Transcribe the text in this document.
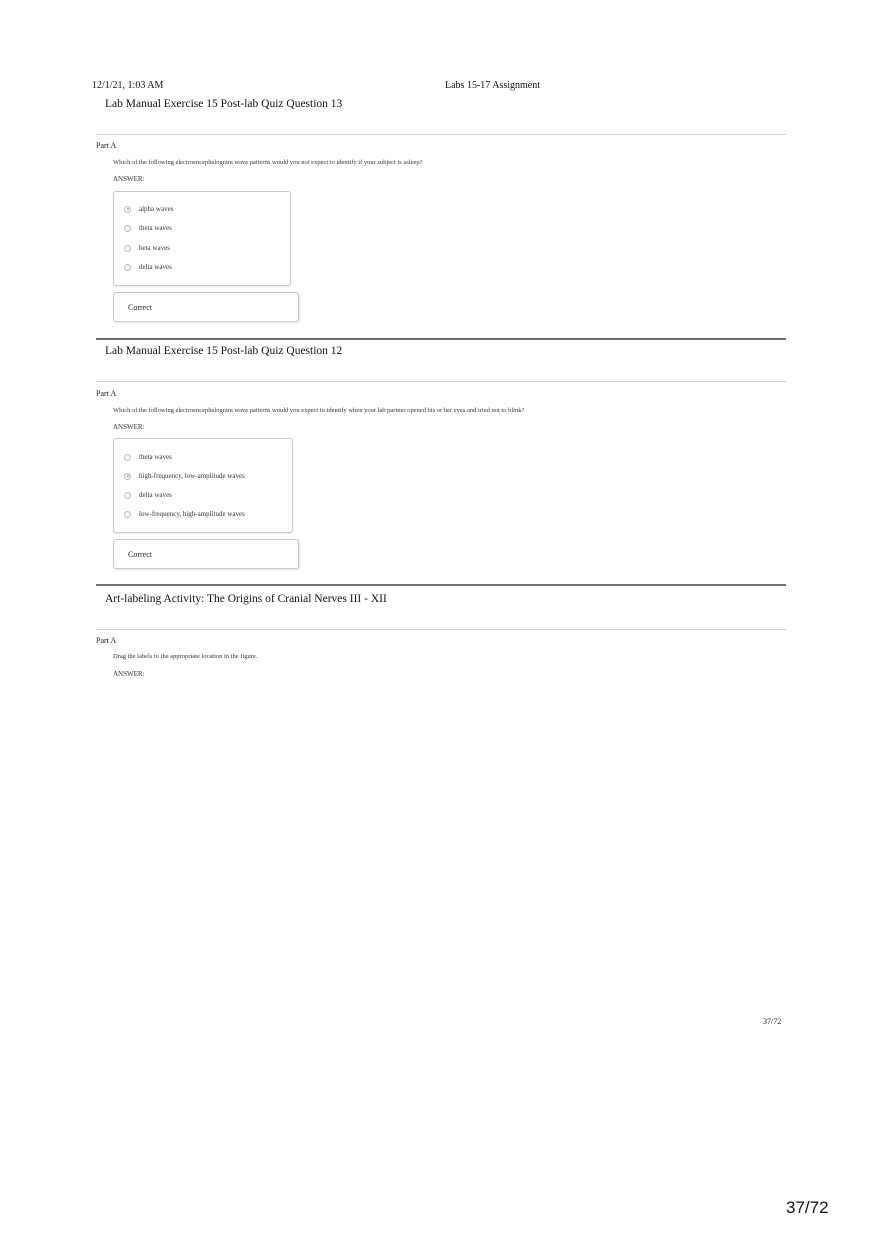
12/1/21, 1:03 AM	Labs 15-17 Assignment
Lab Manual Exercise 15 Post-lab Quiz Question 13
Part A
Which of the following electroencephalogram wave patterns would you not expect to identify if your subject is asleep?
ANSWER:
alpha waves
theta waves
beta waves
delta waves
Correct
Lab Manual Exercise 15 Post-lab Quiz Question 12
Part A
Which of the following electroencephalogram wave patterns would you expect to identify when your lab partner opened his or her eyes and tried not to blink?
ANSWER:
theta waves
high-frequency, low-amplitude waves
delta waves
low-frequency, high-amplitude waves
Correct
Art-labeling Activity: The Origins of Cranial Nerves III - XII
Part A
Drag the labels to the appropriate location in the figure.
ANSWER:
37/72
37/72
